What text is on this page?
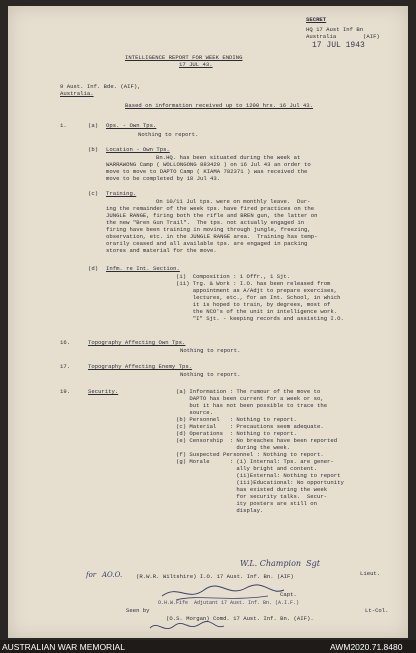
SECRET
HQ 17 Aust Inf Bn
Australia	(AIF)
17 JUL 1943
INTELLIGENCE REPORT FOR WEEK ENDING
17 JUL 43.
9 Aust. Inf. Bde. (AIF),
Australia.
Based on information received up to 1200 hrs. 16 Jul 43.
1.	(a) Ops. - Own Tps.
Nothing to report.
(b) Location - Own Tps.
Bn.HQ. has been situated during the week at
WARRAWONG Camp ( WOLLONGONG 883420 ) on 16 Jul 43 an order to
move to move to DAPTO Camp ( KIAMA 782371 ) was received the
move to be completed by 18 Jul 43.
(c) Training.
On 10/11 Jul tps. were on monthly leave.  Dur-
ing the remainder of the week tps. have fired practices on the
JUNGLE RANGE, firing both the rifle and BREN gun, the latter on
the new "Bren Gun Trail".  The tps. not actually engaged in
firing have been training in moving through jungle, freezing,
observation, etc. in the JUNGLE RANGE area.  Training has temp-
orarily ceased and all available tps. are engaged in packing
stores and material for the move.
(d) Infm. re Int. Section.
(i)  Composition : 1 Offr., 1 Sjt.
(ii) Trg. & Work : I.O. has been released from
appointment as A/Adjt to prepare exercises,
lectures, etc., for an Int. School, in which
it is hoped to train, by degrees, most of
the NCO's of the unit in intelligence work.
"I" Sjt. - keeping records and assisting I.O.
16.	Topography Affecting Own Tps.
Nothing to report.
17.	Topography Affecting Enemy Tps.
Nothing to report.
19.	Security.	(a) Information : The rumour of the move to
DAPTO has been current for a week or so,
but it has not been possible to trace the
source.
(b) Personnel   : Nothing to report.
(c) Material    : Precautions seem adequate.
(d) Operations  : Nothing to report.
(e) Censorship  : No breaches have been reported
during the week.
(f) Suspected Personnel : Nothing to report.
(g) Morale      : (i) Internal: Tps. are gener-
ally bright and content.
(ii)External: Nothing to report
(iii)Educational: No opportunity
has existed during the week
for security talks.  Secur-
ity posters are still on
display.
W.L. Champion  Sgt
Lieut.
for AO.O. (R.W.R. Wiltshire) I.O. 17 Aust. Inf. Bn. (AIF)
Capt.
O.H.W.Fife  Adjutant 17 Aust. Inf. Bn. (A.I.F.)
Seen by	Lt-Col.
(O.S. Morgan) Comd. 17 Aust. Inf. Bn. (AIF).
AUSTRALIAN WAR MEMORIAL	AWM2020.71.8480
